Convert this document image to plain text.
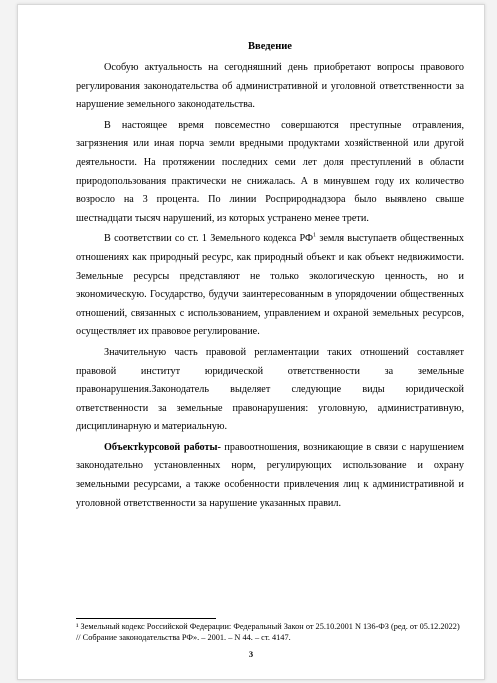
Введение

Особую актуальность на сегодняшний день приобретают вопросы правового регулирования законодательства об административной и уголовной ответственности за нарушение земельного законодательства.

В настоящее время повсеместно совершаются преступные отравления, загрязнения или иная порча земли вредными продуктами хозяйственной или другой деятельности. На протяжении последних семи лет доля преступлений в области природопользования практически не снижалась. А в минувшем году их количество возросло на 3 процента. По линии Росприроднадзора было выявлено свыше шестнадцати тысяч нарушений, из которых устранено менее трети.

В соответствии со ст. 1 Земельного кодекса $РФ^1$ земля выступаетв общественных отношениях как природный ресурс, как природный объект и как объект недвижимости. Земельные ресурсы представляют не только экологическую ценность, но и экономическую. Государство, будучи заинтересованным в упорядочении общественных отношений, связанных с использованием, управлением и охраной земельных ресурсов, осуществляет их правовое регулирование.

Значительную часть правовой регламентации таких отношений составляет правовой институт юридической ответственности за земельные правонарушения.Законодатель выделяет следующие виды юридической ответственности за земельные правонарушения: уголовную, административную, дисциплинарную и материальную.

Объектkурсовой работы- правоотношения, возникающие в связи с нарушением законодательно установленных норм, регулирующих использование и охрану земельными ресурсами, а также особенности привлечения лиц к административной и уголовной ответственности за нарушение указанных правил.

¹ Земельный кодекс Российской Федерации: Федеральный Закон от 25.10.2001 N 136-ФЗ (ред. от 05.12.2022) // Собрание законодательства РФ». – 2001. – N 44. – ст. 4147.
3
